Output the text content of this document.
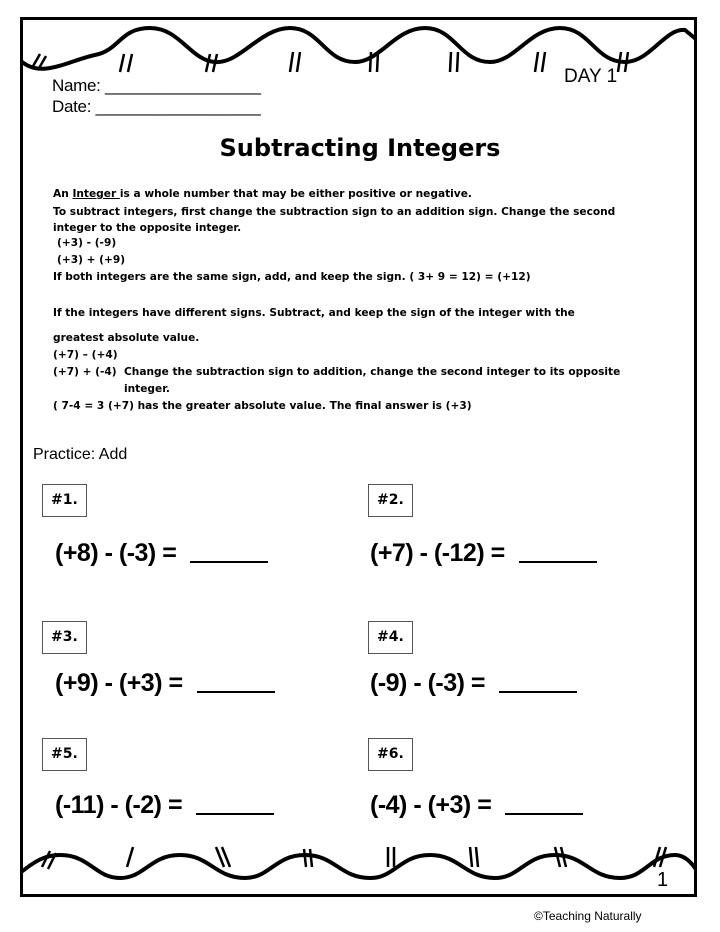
Name: _________________
Date: __________________
DAY 1
Subtracting Integers
An Integer is a whole number that may be either positive or negative.
To subtract integers, first change the subtraction sign to an addition sign. Change the second
integer to the opposite integer.
(+3) - (-9)
(+3) + (+9)
If both integers are the same sign, add, and keep the sign. ( 3+ 9 = 12) = (+12)
If the integers have different signs. Subtract, and keep the sign of the integer with the
greatest absolute value.
(+7) – (+4)
(+7) + (-4) Change the subtraction sign to addition, change the second integer to its opposite
integer.
( 7-4 = 3 (+7) has the greater absolute value. The final answer is (+3)
Practice: Add
#1.
(+8) - (-3) =
#2.
(+7) - (-12) =
#3.
(+9) - (+3) =
#4.
(-9) - (-3) =
#5.
(-11) - (-2) =
#6.
(-4) - (+3) =
1
©Teaching Naturally
